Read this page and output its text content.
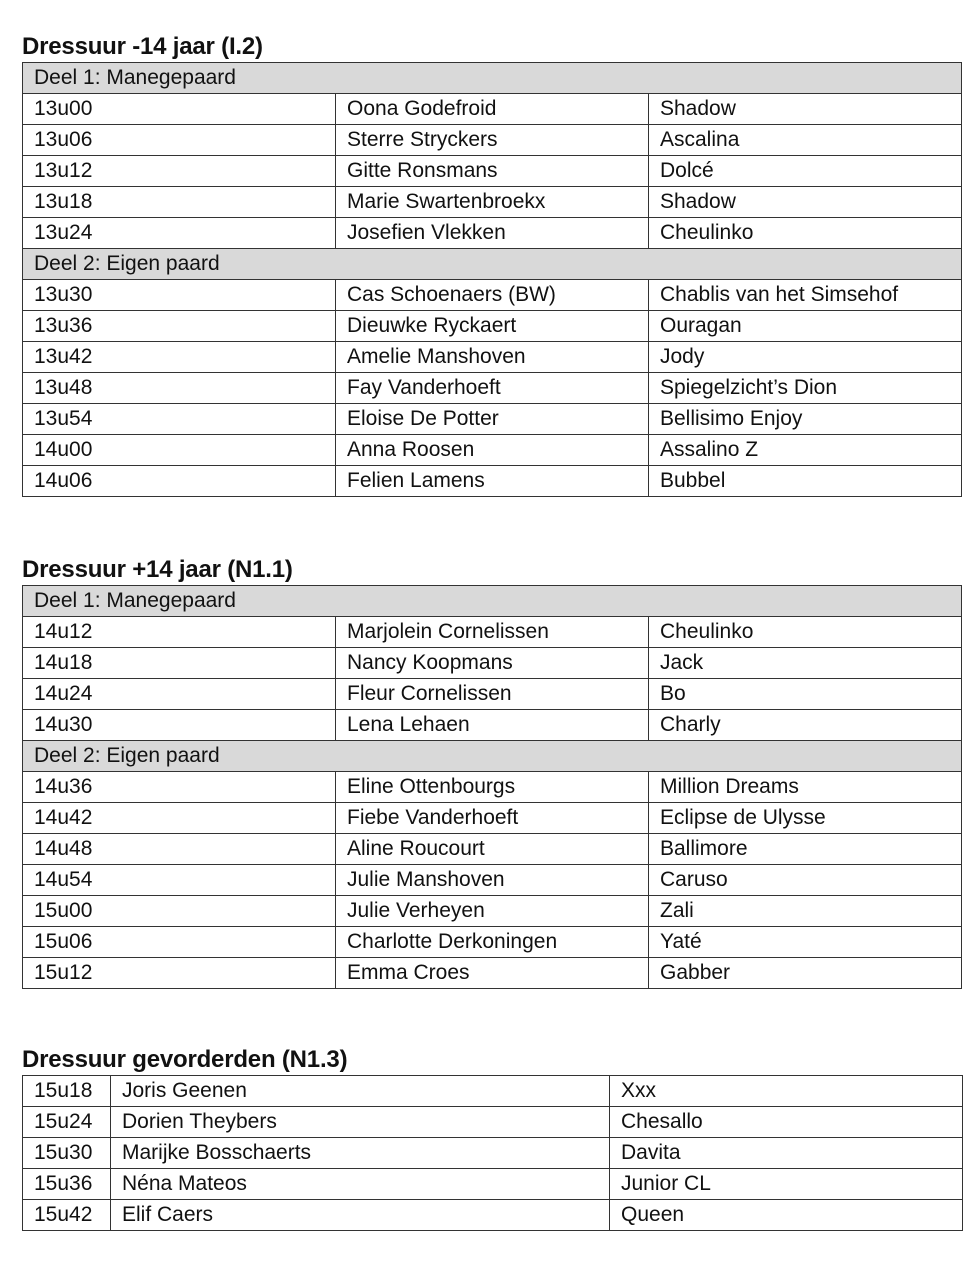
Dressuur -14 jaar (I.2)
Deel 1: Manegepaard		
13u00	Oona Godefroid	Shadow
13u06	Sterre Stryckers	Ascalina
13u12	Gitte Ronsmans	Dolcé
13u18	Marie Swartenbroekx	Shadow
13u24	Josefien Vlekken	Cheulinko
Deel 2: Eigen paard		
13u30	Cas Schoenaers (BW)	Chablis van het Simsehof
13u36	Dieuwke Ryckaert	Ouragan
13u42	Amelie Manshoven	Jody
13u48	Fay Vanderhoeft	Spiegelzicht’s Dion
13u54	Eloise De Potter	Bellisimo Enjoy
14u00	Anna Roosen	Assalino Z
14u06	Felien Lamens	Bubbel
Dressuur +14 jaar (N1.1)
Deel 1: Manegepaard		
14u12	Marjolein Cornelissen	Cheulinko
14u18	Nancy Koopmans	Jack
14u24	Fleur Cornelissen	Bo
14u30	Lena Lehaen	Charly
Deel 2: Eigen paard		
14u36	Eline Ottenbourgs	Million Dreams
14u42	Fiebe Vanderhoeft	Eclipse de Ulysse
14u48	Aline Roucourt	Ballimore
14u54	Julie Manshoven	Caruso
15u00	Julie Verheyen	Zali
15u06	Charlotte Derkoningen	Yaté
15u12	Emma Croes	Gabber
Dressuur gevorderden (N1.3)
15u18	Joris Geenen	Xxx
15u24	Dorien Theybers	Chesallo
15u30	Marijke Bosschaerts	Davita
15u36	Néna Mateos	Junior CL
15u42	Elif Caers	Queen
